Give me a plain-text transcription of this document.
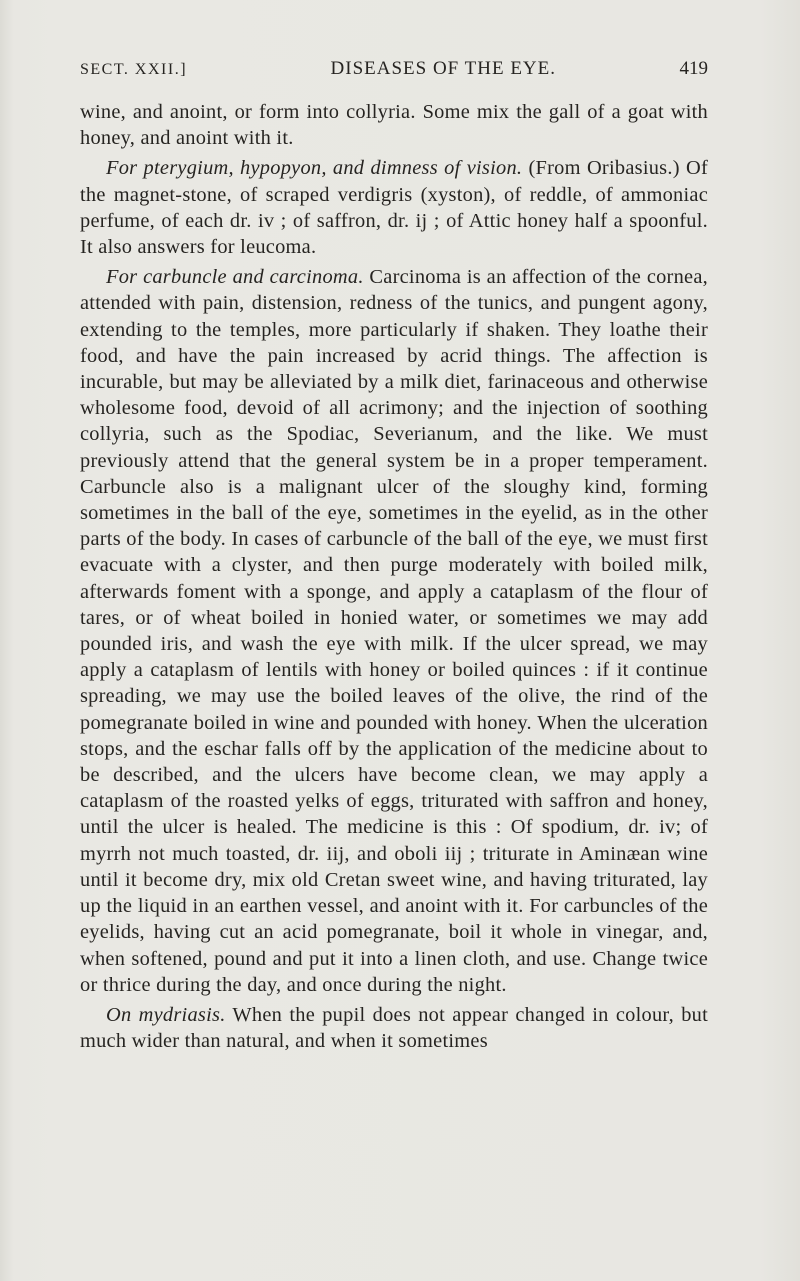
SECT. XXII.]	DISEASES OF THE EYE.	419

wine, and anoint, or form into collyria. Some mix the gall of a goat with honey, and anoint with it.

For pterygium, hypopyon, and dimness of vision. (From Oribasius.) Of the magnet-stone, of scraped verdigris (xyston), of reddle, of ammoniac perfume, of each dr. iv ; of saffron, dr. ij ; of Attic honey half a spoonful. It also answers for leucoma.

For carbuncle and carcinoma. Carcinoma is an affection of the cornea, attended with pain, distension, redness of the tunics, and pungent agony, extending to the temples, more particularly if shaken. They loathe their food, and have the pain increased by acrid things. The affection is incurable, but may be alleviated by a milk diet, farinaceous and otherwise wholesome food, devoid of all acrimony; and the injection of soothing collyria, such as the Spodiac, Severianum, and the like. We must previously attend that the general system be in a proper temperament. Carbuncle also is a malignant ulcer of the sloughy kind, forming sometimes in the ball of the eye, sometimes in the eyelid, as in the other parts of the body. In cases of carbuncle of the ball of the eye, we must first evacuate with a clyster, and then purge moderately with boiled milk, afterwards foment with a sponge, and apply a cataplasm of the flour of tares, or of wheat boiled in honied water, or sometimes we may add pounded iris, and wash the eye with milk. If the ulcer spread, we may apply a cataplasm of lentils with honey or boiled quinces : if it continue spreading, we may use the boiled leaves of the olive, the rind of the pomegranate boiled in wine and pounded with honey. When the ulceration stops, and the eschar falls off by the application of the medicine about to be described, and the ulcers have become clean, we may apply a cataplasm of the roasted yelks of eggs, triturated with saffron and honey, until the ulcer is healed. The medicine is this : Of spodium, dr. iv; of myrrh not much toasted, dr. iij, and oboli iij ; triturate in Aminæan wine until it become dry, mix old Cretan sweet wine, and having triturated, lay up the liquid in an earthen vessel, and anoint with it. For carbuncles of the eyelids, having cut an acid pomegranate, boil it whole in vinegar, and, when softened, pound and put it into a linen cloth, and use. Change twice or thrice during the day, and once during the night.

On mydriasis. When the pupil does not appear changed in colour, but much wider than natural, and when it sometimes
